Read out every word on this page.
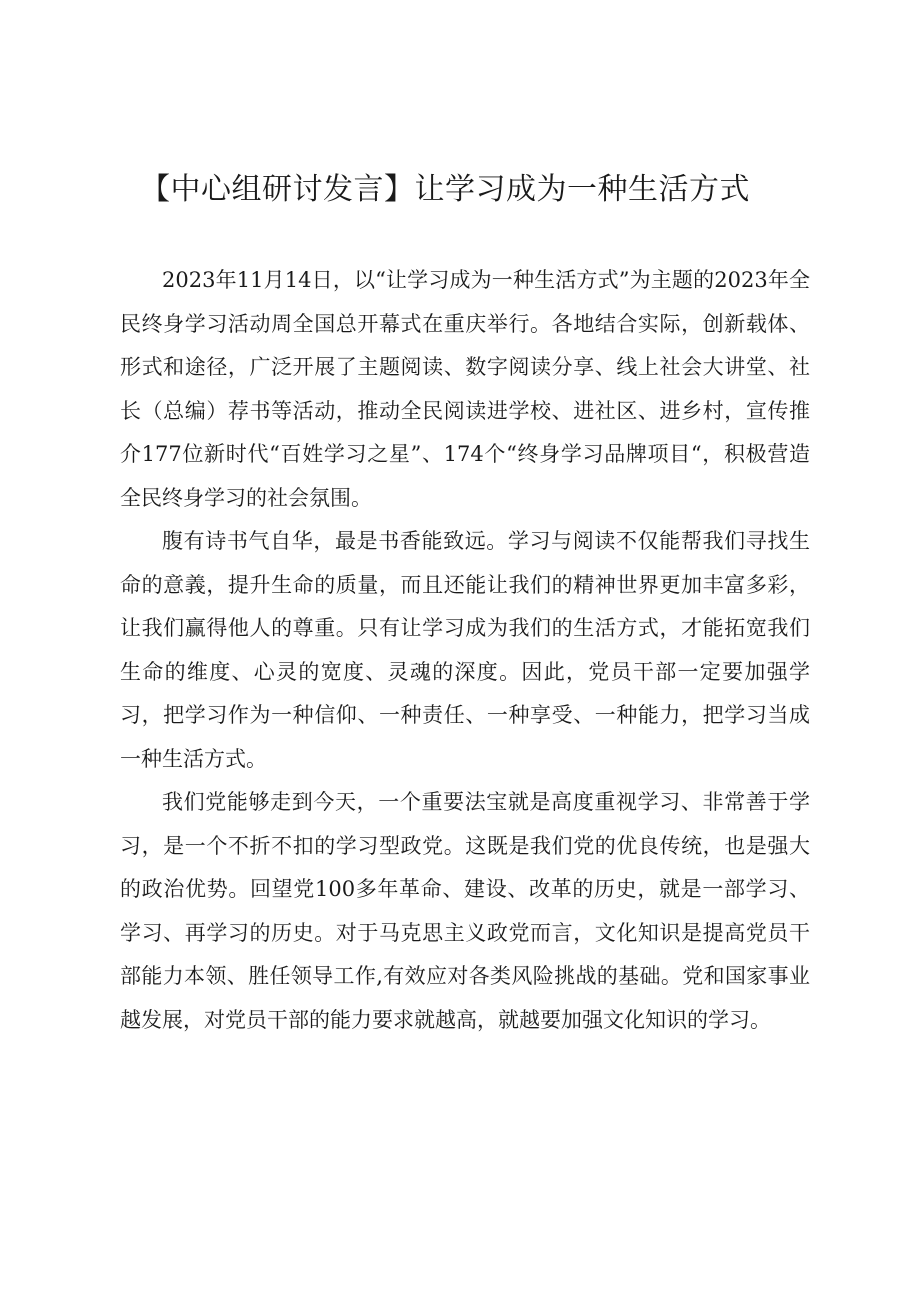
【中心组研讨发言】让学习成为一种生活方式

2023年11月14日，以“让学习成为一种生活方式”为主题的2023年全民终身学习活动周全国总开幕式在重庆举行。各地结合实际，创新载体、形式和途径，广泛开展了主题阅读、数字阅读分享、线上社会大讲堂、社长（总编）荐书等活动，推动全民阅读进学校、进社区、进乡村，宣传推介177位新时代“百姓学习之星”、174个“终身学习品牌项目“，积极营造全民终身学习的社会氛围。

腹有诗书气自华，最是书香能致远。学习与阅读不仅能帮我们寻找生命的意義，提升生命的质量，而且还能让我们的精神世界更加丰富多彩，让我们赢得他人的尊重。只有让学习成为我们的生活方式，才能拓宽我们生命的维度、心灵的宽度、灵魂的深度。因此，党员干部一定要加强学习，把学习作为一种信仰、一种责任、一种享受、一种能力，把学习当成一种生活方式。

我们党能够走到今天，一个重要法宝就是高度重视学习、非常善于学习，是一个不折不扣的学习型政党。这既是我们党的优良传统，也是强大的政治优势。回望党100多年革命、建设、改革的历史，就是一部学习、学习、再学习的历史。对于马克思主义政党而言，文化知识是提高党员干部能力本领、胜任领导工作,有效应对各类风险挑战的基础。党和国家事业越发展，对党员干部的能力要求就越高，就越要加强文化知识的学习。
